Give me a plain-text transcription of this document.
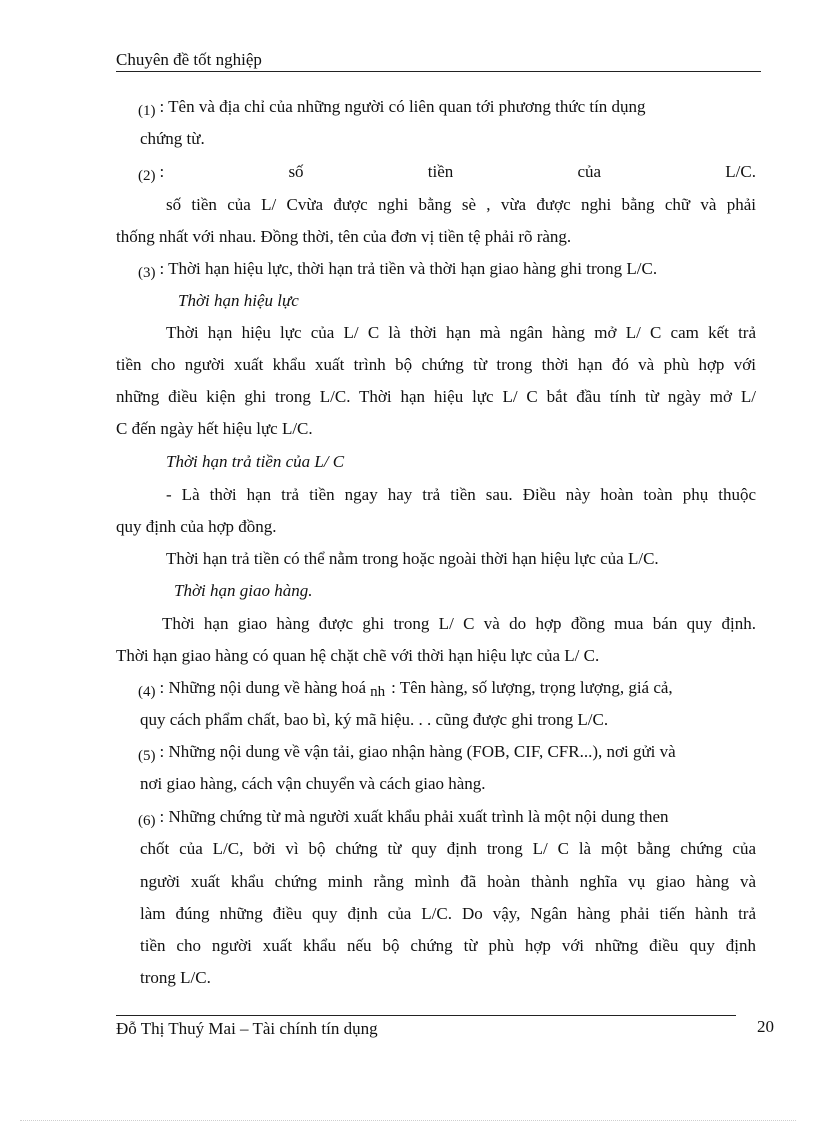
Chuyên đề tốt nghiệp
(1) : Tên và địa chỉ của những người có liên quan tới phương thức tín dụng
chứng từ.
(2) :	số	tiền	của	L/C.
số tiền của L/ Cvừa được nghi bằng sè , vừa được nghi bằng chữ và phải
thống nhất với nhau. Đồng thời, tên của đơn vị tiền tệ phải rõ ràng.
(3) : Thời hạn hiệu lực, thời hạn trả tiền và thời hạn giao hàng ghi trong L/C.
Thời hạn hiệu lực
Thời hạn hiệu lực của L/ C là thời hạn mà ngân hàng mở L/ C cam kết trả
tiền cho người xuất khẩu xuất trình bộ chứng từ trong thời hạn đó và phù hợp với
những điều kiện ghi trong L/C. Thời hạn hiệu lực L/ C bắt đầu tính từ ngày mở L/
C đến ngày hết hiệu lực L/C.
Thời hạn trả tiền của L/ C
- Là thời hạn trả tiền ngay hay trả tiền sau. Điều này hoàn toàn phụ thuộc
quy định của hợp đồng.
Thời hạn trả tiền có thể nằm trong hoặc ngoài thời hạn hiệu lực của L/C.
Thời hạn giao hàng.
Thời hạn giao hàng được ghi trong L/ C và do hợp đồng mua bán quy định.
Thời hạn giao hàng có quan hệ chặt chẽ với thời hạn hiệu lực của L/ C.
(4) : Những nội dung về hàng hoá nh : Tên hàng, số lượng, trọng lượng, giá cả,
quy cách phẩm chất, bao bì, ký mã hiệu. . . cũng được ghi trong L/C.
(5) : Những nội dung về vận tải, giao nhận hàng (FOB, CIF, CFR...), nơi gửi và
nơi giao hàng, cách vận chuyển và cách giao hàng.
(6) : Những chứng từ mà người xuất khẩu phải xuất trình là một nội dung then
chốt của L/C, bởi vì bộ chứng từ quy định trong L/ C là một bằng chứng của
người xuất khẩu chứng minh rằng mình đã hoàn thành nghĩa vụ giao hàng và
làm đúng những điều quy định của L/C. Do vậy, Ngân hàng phải tiến hành trả
tiền cho người xuất khẩu nếu bộ chứng từ phù hợp với những điều quy định
trong L/C.
Đỗ Thị Thuý Mai – Tài chính tín dụng	20
